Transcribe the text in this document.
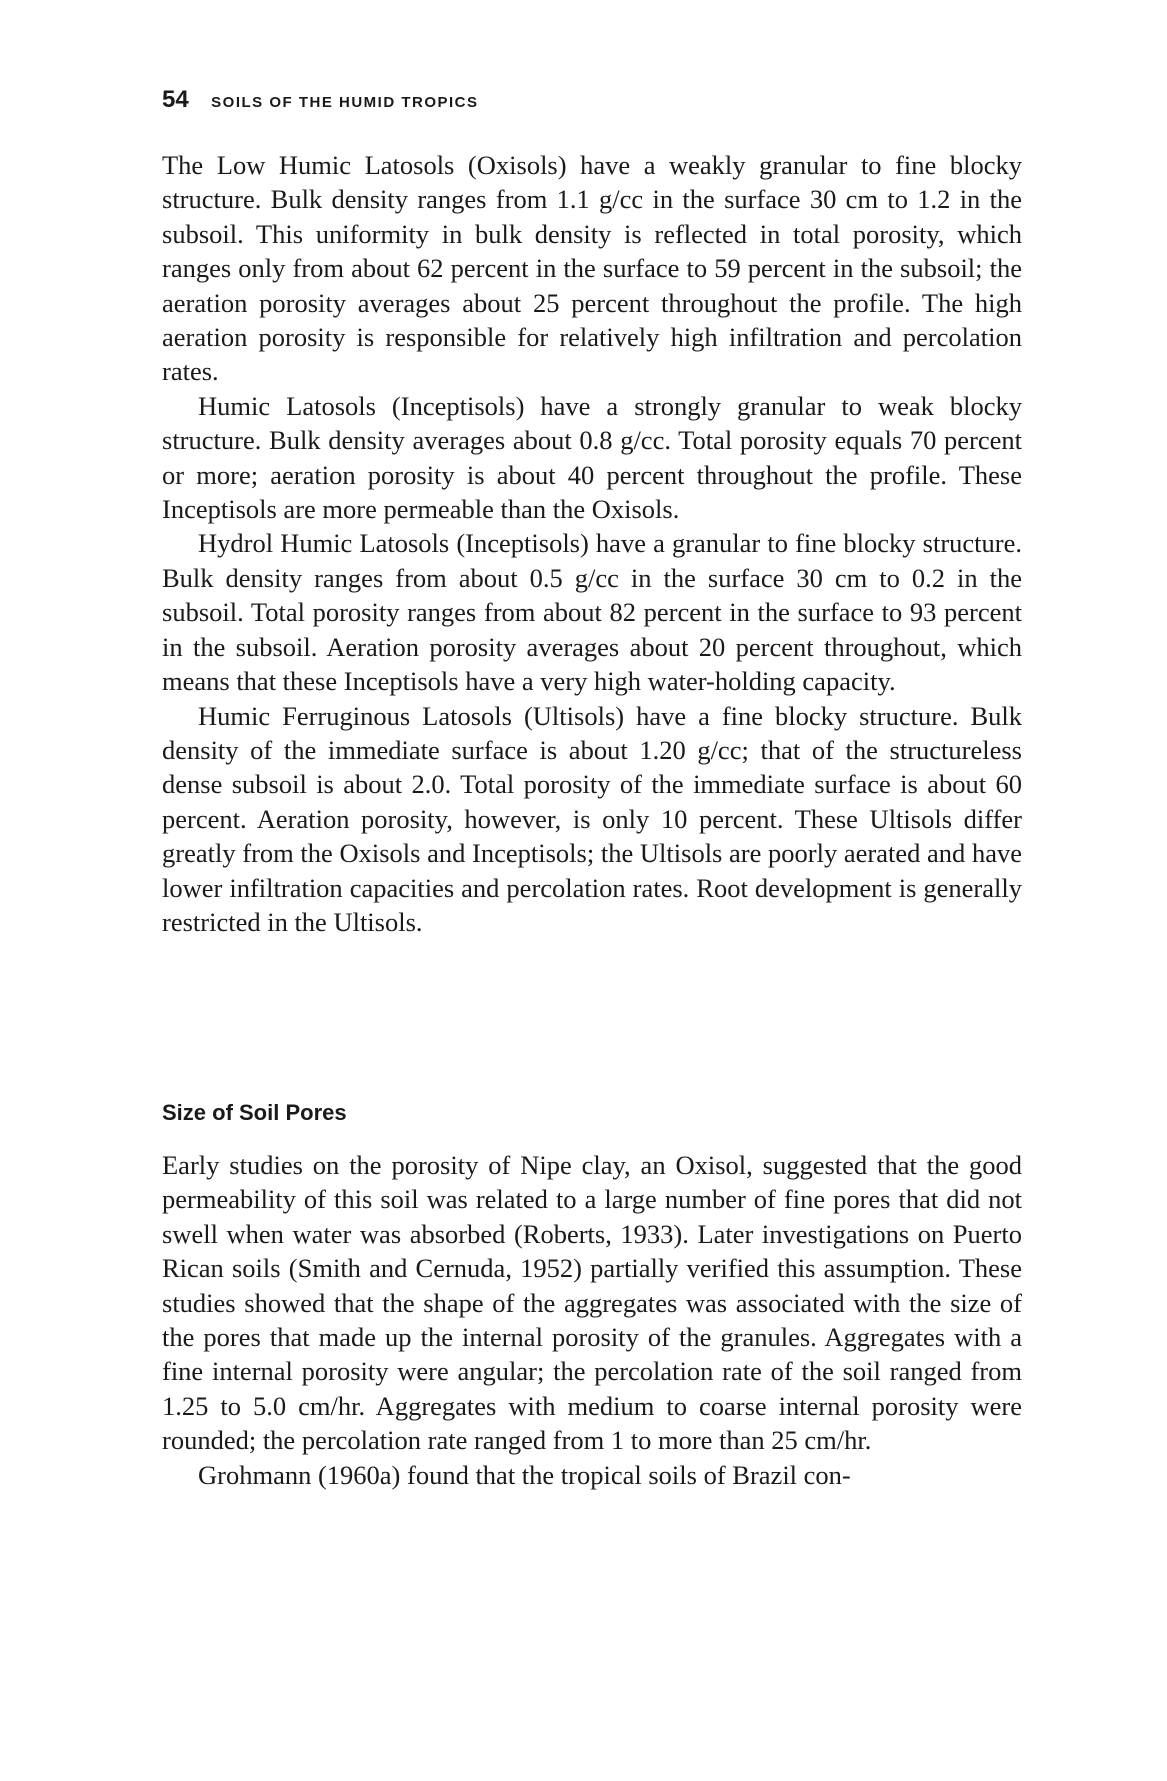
54 SOILS OF THE HUMID TROPICS

The Low Humic Latosols (Oxisols) have a weakly granular to fine blocky structure. Bulk density ranges from 1.1 g/cc in the surface 30 cm to 1.2 in the subsoil. This uniformity in bulk density is reflected in total porosity, which ranges only from about 62 percent in the surface to 59 percent in the subsoil; the aeration porosity averages about 25 percent throughout the profile. The high aeration porosity is responsible for relatively high infiltration and percolation rates.

Humic Latosols (Inceptisols) have a strongly granular to weak blocky structure. Bulk density averages about 0.8 g/cc. Total porosity equals 70 percent or more; aeration porosity is about 40 percent throughout the profile. These Inceptisols are more permeable than the Oxisols.

Hydrol Humic Latosols (Inceptisols) have a granular to fine blocky structure. Bulk density ranges from about 0.5 g/cc in the surface 30 cm to 0.2 in the subsoil. Total porosity ranges from about 82 percent in the surface to 93 percent in the subsoil. Aeration porosity averages about 20 percent throughout, which means that these Inceptisols have a very high water-holding capacity.

Humic Ferruginous Latosols (Ultisols) have a fine blocky structure. Bulk density of the immediate surface is about 1.20 g/cc; that of the structureless dense subsoil is about 2.0. Total porosity of the immediate surface is about 60 percent. Aeration porosity, however, is only 10 percent. These Ultisols differ greatly from the Oxisols and Inceptisols; the Ultisols are poorly aerated and have lower infiltration capacities and percolation rates. Root development is generally restricted in the Ultisols.

Size of Soil Pores

Early studies on the porosity of Nipe clay, an Oxisol, suggested that the good permeability of this soil was related to a large number of fine pores that did not swell when water was absorbed (Roberts, 1933). Later investigations on Puerto Rican soils (Smith and Cernuda, 1952) partially verified this assumption. These studies showed that the shape of the aggregates was associated with the size of the pores that made up the internal porosity of the granules. Aggregates with a fine internal porosity were angular; the percolation rate of the soil ranged from 1.25 to 5.0 cm/hr. Aggregates with medium to coarse internal porosity were rounded; the percolation rate ranged from 1 to more than 25 cm/hr.

Grohmann (1960a) found that the tropical soils of Brazil con-
